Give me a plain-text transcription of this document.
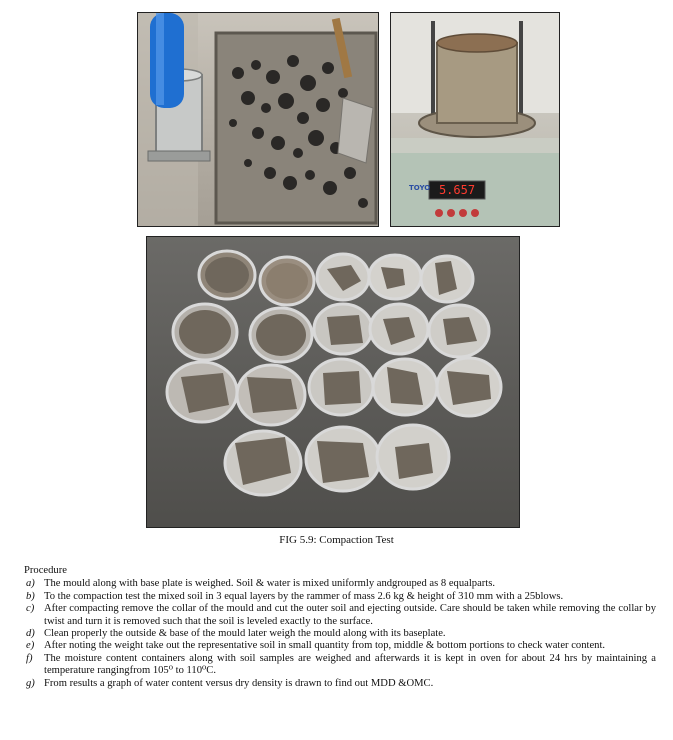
5.657
TOYO
FIG 5.9: Compaction Test
Procedure
a) The mould along with base plate is weighed. Soil & water is mixed uniformly andgrouped as 8 equalparts.
b) To the compaction test the mixed soil in 3 equal layers by the rammer of mass 2.6 kg & height of 310 mm with a 25blows.
c) After compacting remove the collar of the mould and cut the outer soil and ejecting outside. Care should be taken while removing the collar by twist and turn it is removed such that the soil is leveled exactly to the surface.
d) Clean properly the outside & base of the mould later weigh the mould along with its baseplate.
e) After noting the weight take out the representative soil in small quantity from top, middle & bottom portions to check water content.
f) The moisture content containers along with soil samples are weighed and afterwards it is kept in oven for about 24 hrs by maintaining a temperature rangingfrom 105⁰ to 110⁰C.
g) From results a graph of water content versus dry density is drawn to find out MDD &OMC.
